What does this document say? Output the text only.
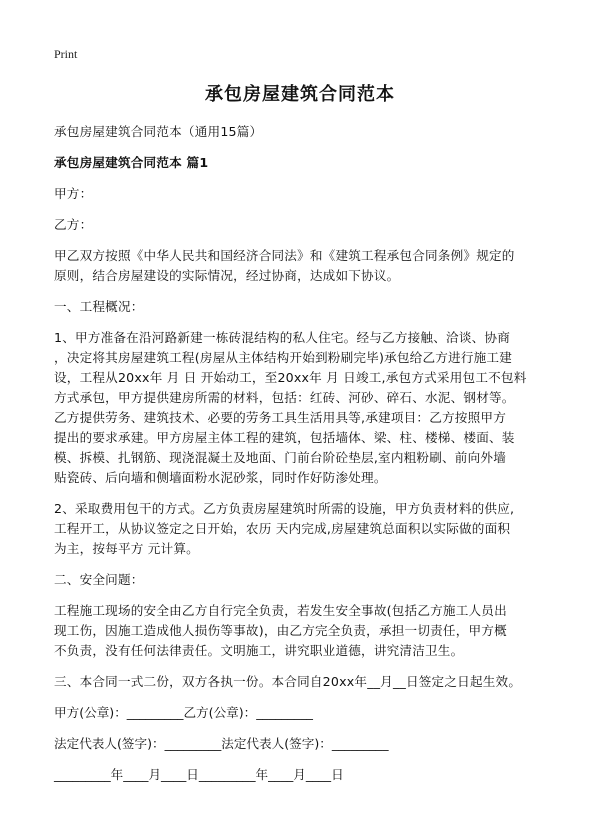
Print
承包房屋建筑合同范本
承包房屋建筑合同范本（通用15篇）
承包房屋建筑合同范本 篇1
甲方：
乙方：
甲乙双方按照《中华人民共和国经济合同法》和《建筑工程承包合同条例》规定的
原则，结合房屋建设的实际情况，经过协商，达成如下协议。
一、工程概况：
1、甲方准备在沿河路新建一栋砖混结构的私人住宅。经与乙方接触、洽谈、协商
，决定将其房屋建筑工程(房屋从主体结构开始到粉刷完毕)承包给乙方进行施工建
设，工程从20xx年 月 日 开始动工，至20xx年 月 日竣工,承包方式采用包工不包料
方式承包，甲方提供建房所需的材料，包括：红砖、河砂、碎石、水泥、钢材等。
乙方提供劳务、建筑技术、必要的劳务工具生活用具等,承建项目：乙方按照甲方
提出的要求承建。甲方房屋主体工程的建筑，包括墙体、梁、柱、楼梯、楼面、装
模、拆模、扎钢筋、现浇混凝土及地面、门前台阶砼垫层,室内粗粉刷、前向外墙
贴瓷砖、后向墙和侧墙面粉水泥砂浆，同时作好防渗处理。
2、采取费用包干的方式。乙方负责房屋建筑时所需的设施，甲方负责材料的供应,
工程开工，从协议签定之日开始，农历 天内完成,房屋建筑总面积以实际做的面积
为主，按每平方 元计算。
二、安全问题：
工程施工现场的安全由乙方自行完全负责，若发生安全事故(包括乙方施工人员出
现工伤，因施工造成他人损伤等事故)，由乙方完全负责，承担一切责任，甲方概
不负责，没有任何法律责任。文明施工，讲究职业道德，讲究清洁卫生。
三、本合同一式二份，双方各执一份。本合同自20xx年__月__日签定之日起生效。
甲方(公章)：_________乙方(公章)：_________
法定代表人(签字)：_________法定代表人(签字)：_________
_________年____月____日_________年____月____日
